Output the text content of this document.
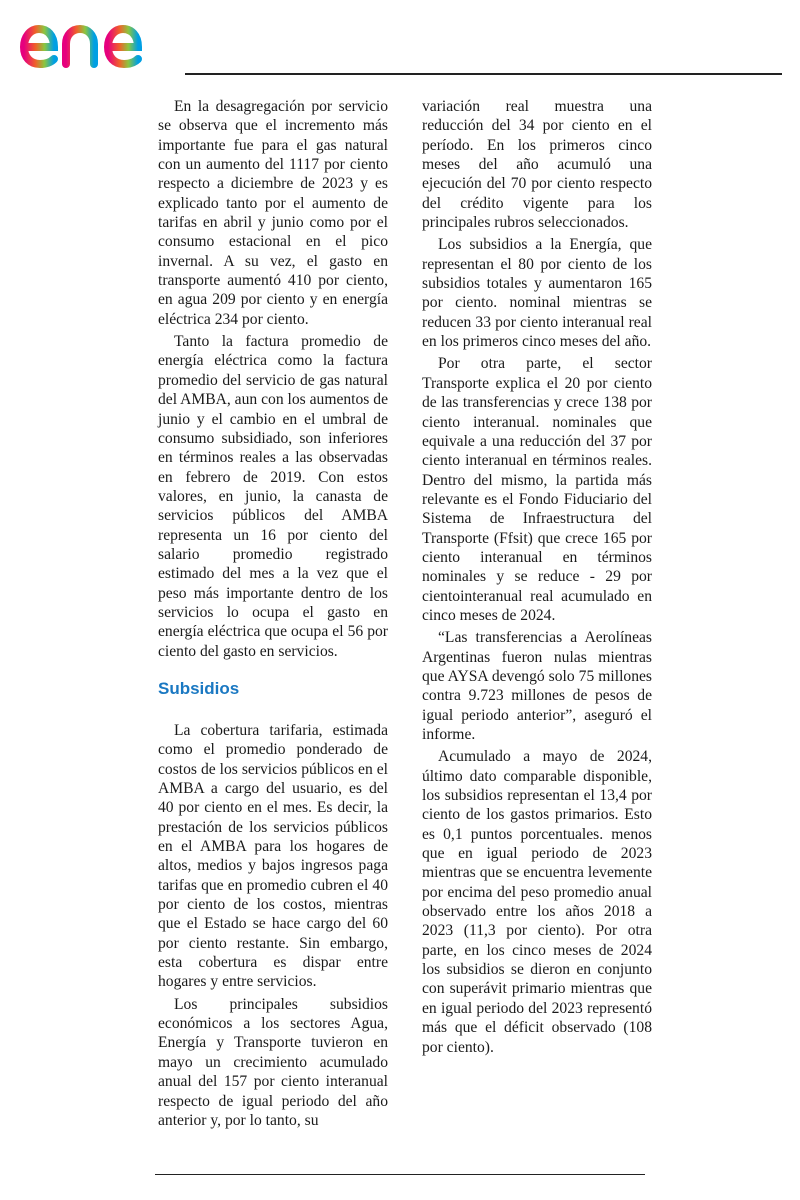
En la desagregación por servicio se observa que el incremento más importante fue para el gas natural con un aumento del 1117 por ciento respecto a diciembre de 2023 y es explicado tanto por el aumento de tarifas en abril y junio como por el consumo estacional en el pico invernal. A su vez, el gasto en transporte aumentó 410 por ciento, en agua 209 por ciento y en energía eléctrica 234 por ciento.

Tanto la factura promedio de energía eléctrica como la factura promedio del servicio de gas natural del AMBA, aun con los aumentos de junio y el cambio en el umbral de consumo subsidiado, son inferiores en términos reales a las observadas en febrero de 2019. Con estos valores, en junio, la canasta de servicios públicos del AMBA representa un 16 por ciento del salario promedio registrado estimado del mes a la vez que el peso más importante dentro de los servicios lo ocupa el gasto en energía eléctrica que ocupa el 56 por ciento del gasto en servicios.

Subsidios

La cobertura tarifaria, estimada como el promedio ponderado de costos de los servicios públicos en el AMBA a cargo del usuario, es del 40 por ciento en el mes. Es decir, la prestación de los servicios públicos en el AMBA para los hogares de altos, medios y bajos ingresos paga tarifas que en promedio cubren el 40 por ciento de los costos, mientras que el Estado se hace cargo del 60 por ciento restante. Sin embargo, esta cobertura es dispar entre hogares y entre servicios.

Los principales subsidios económicos a los sectores Agua, Energía y Transporte tuvieron en mayo un crecimiento acumulado anual del 157 por ciento interanual respecto de igual periodo del año anterior y, por lo tanto, su

variación real muestra una reducción del 34 por ciento en el período. En los primeros cinco meses del año acumuló una ejecución del 70 por ciento respecto del crédito vigente para los principales rubros seleccionados.

Los subsidios a la Energía, que representan el 80 por ciento de los subsidios totales y aumentaron 165 por ciento. nominal mientras se reducen 33 por ciento interanual real en los primeros cinco meses del año.

Por otra parte, el sector Transporte explica el 20 por ciento de las transferencias y crece 138 por ciento interanual. nominales que equivale a una reducción del 37 por ciento interanual en términos reales. Dentro del mismo, la partida más relevante es el Fondo Fiduciario del Sistema de Infraestructura del Transporte (Ffsit) que crece 165 por ciento interanual en términos nominales y se reduce - 29 por cientointeranual real acumulado en cinco meses de 2024.

“Las transferencias a Aerolíneas Argentinas fueron nulas mientras que AYSA devengó solo 75 millones contra 9.723 millones de pesos de igual periodo anterior”, aseguró el informe.

Acumulado a mayo de 2024, último dato comparable disponible, los subsidios representan el 13,4 por ciento de los gastos primarios. Esto es 0,1 puntos porcentuales. menos que en igual periodo de 2023 mientras que se encuentra levemente por encima del peso promedio anual observado entre los años 2018 a 2023 (11,3 por ciento). Por otra parte, en los cinco meses de 2024 los subsidios se dieron en conjunto con superávit primario mientras que en igual periodo del 2023 representó más que el déficit observado (108 por ciento).
